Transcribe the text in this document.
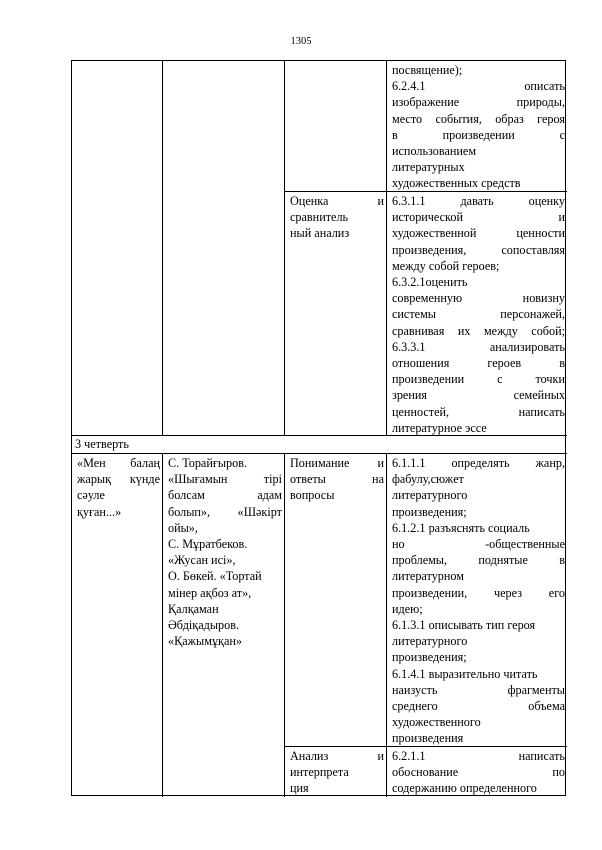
1305

посвящение);

6.2.4.1 описать

изображение природы,

место события, образ героя

в произведении с

использованием

литературных

художественных средств

Оценка и

сравнитель

ный анализ

6.3.1.1 давать оценку

исторической и

художественной ценности

произведения, сопоставляя

между собой героев;

6.3.2.1оценить

современную новизну

системы персонажей,

сравнивая их между собой;

6.3.3.1 анализировать

отношения героев в

произведении с точки

зрения семейных

ценностей, написать

литературное эссе

3 четверть

«Мен балаң

жарық күнде

сәуле

қуған...»

С. Торайғыров.

«Шығамын тірі

болсам адам

болып», «Шәкірт

ойы»,

С. Мұратбеков.

«Жусан исі»,

О. Бөкей. «Тортай

мінер ақбоз ат»,

Қалқаман

Әбдіқадыров.

«Қажымұқан»

Понимание и

ответы на

вопросы

6.1.1.1 определять жанр,

фабулу,сюжет

литературного

произведения;

6.1.2.1 разъяснять социаль

но -общественные

проблемы, поднятые в

литературном

произведении, через его

идею;

6.1.3.1 описывать тип героя

литературного

произведения;

6.1.4.1 выразительно читать

наизусть фрагменты

среднего объема

художественного

произведения

Анализ и

интерпрета

ция

6.2.1.1 написать

обоснование по

содержанию определенного
